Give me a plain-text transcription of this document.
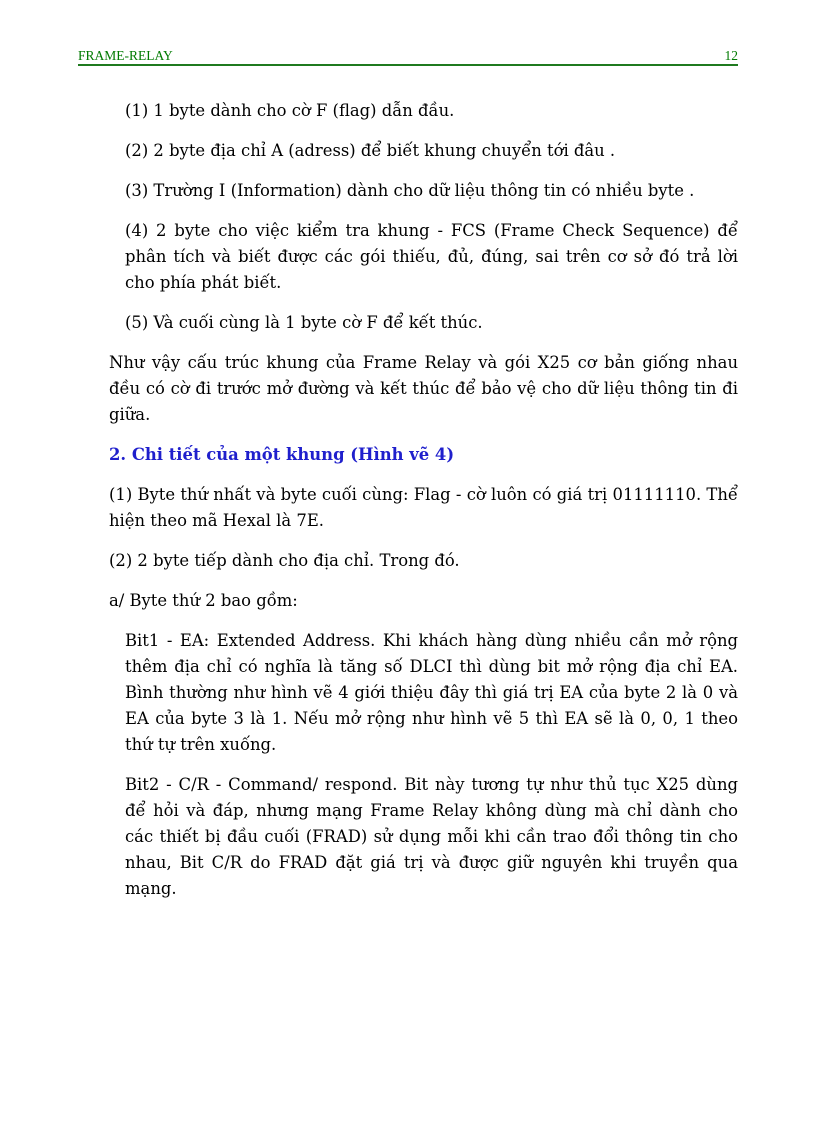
FRAME-RELAY	12

(1) 1 byte dành cho cờ F (flag) dẫn đầu.

(2) 2 byte địa chỉ A (adress) để biết khung chuyển tới đâu .

(3) Trường I (Information) dành cho dữ liệu thông tin có nhiều byte .

(4) 2 byte cho việc kiểm tra khung - FCS (Frame Check Sequence) để phân tích và biết được các gói thiếu, đủ, đúng, sai trên cơ sở đó trả lời cho phía phát biết.

(5) Và cuối cùng là 1 byte cờ F để kết thúc.

Như vậy cấu trúc khung của Frame Relay và gói X25 cơ bản giống nhau đều có cờ đi trước mở đường và kết thúc để bảo vệ cho dữ liệu thông tin đi giữa.

2. Chi tiết của một khung (Hình vẽ 4)

(1) Byte thứ nhất và byte cuối cùng: Flag - cờ luôn có giá trị 01111110. Thể hiện theo mã Hexal là 7E.

(2) 2 byte tiếp dành cho địa chỉ. Trong đó.

a/ Byte thứ 2 bao gồm:

Bit1 - EA: Extended Address. Khi khách hàng dùng nhiều cần mở rộng thêm địa chỉ có nghĩa là tăng số DLCI thì dùng bit mở rộng địa chỉ EA. Bình thường như hình vẽ 4 giới thiệu đây thì giá trị EA của byte 2 là 0 và EA của byte 3 là 1. Nếu mở rộng như hình vẽ 5 thì EA sẽ là 0, 0, 1 theo thứ tự trên xuống.

Bit2 - C/R - Command/ respond. Bit này tương tự như thủ tục X25 dùng để hỏi và đáp, nhưng mạng Frame Relay không dùng mà chỉ dành cho các thiết bị đầu cuối (FRAD) sử dụng mỗi khi cần trao đổi thông tin cho nhau, Bit C/R do FRAD đặt giá trị và được giữ nguyên khi truyền qua mạng.
